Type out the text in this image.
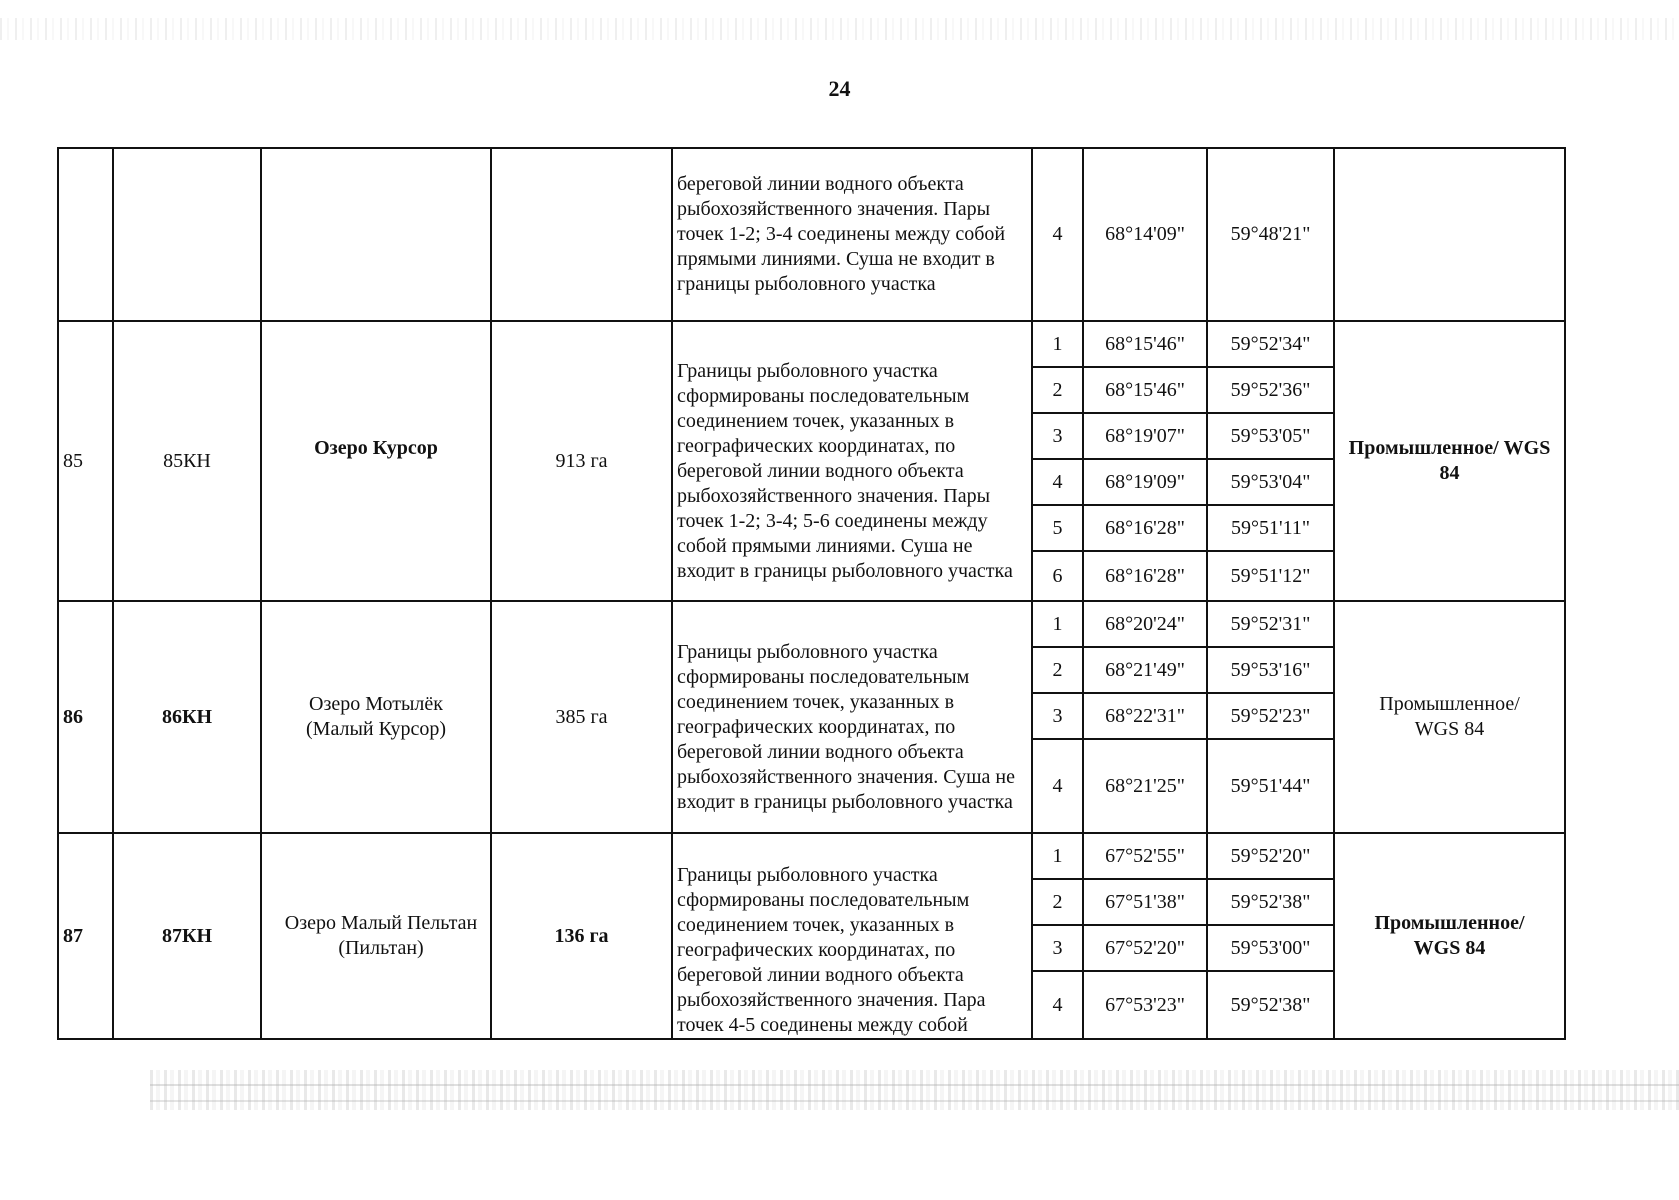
24
				береговой линии водного объекта рыбохозяйственного значения. Пары точек 1-2; 3-4 соединены между собой прямыми линиями. Суша не входит в границы рыболовного участка	4	68°14'09"	59°48'21"	
85	85КН	Озеро Курсор	913 га	Границы рыболовного участка сформированы последовательным соединением точек, указанных в географических координатах, по береговой линии водного объекта рыбохозяйственного значения. Пары точек 1-2; 3-4; 5-6 соединены между собой прямыми линиями. Суша не входит в границы рыболовного участка	1	68°15'46"	59°52'34"	Промышленное/ WGS 84
					2	68°15'46"	59°52'36"	
					3	68°19'07"	59°53'05"	
					4	68°19'09"	59°53'04"	
					5	68°16'28"	59°51'11"	
					6	68°16'28"	59°51'12"	
86	86КН	Озеро Мотылёк (Малый Курсор)	385 га	Границы рыболовного участка сформированы последовательным соединением точек, указанных в географических координатах, по береговой линии водного объекта рыбохозяйственного значения. Суша не входит в границы рыболовного участка	1	68°20'24"	59°52'31"	Промышленное/ WGS 84
					2	68°21'49"	59°53'16"	
					3	68°22'31"	59°52'23"	
					4	68°21'25"	59°51'44"	
87	87КН	Озеро Малый Пельтан (Пильтан)	136 га	Границы рыболовного участка сформированы последовательным соединением точек, указанных в географических координатах, по береговой линии водного объекта рыбохозяйственного значения. Пара точек 4-5 соединены между собой	1	67°52'55"	59°52'20"	Промышленное/ WGS 84
					2	67°51'38"	59°52'38"	
					3	67°52'20"	59°53'00"	
					4	67°53'23"	59°52'38"	
